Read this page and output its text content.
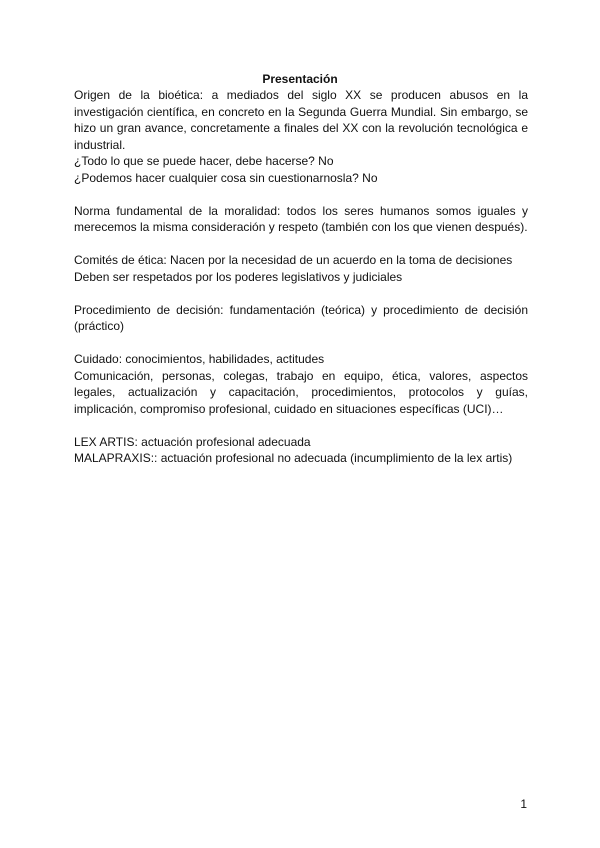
Presentación

Origen de la bioética: a mediados del siglo XX se producen abusos en la investigación científica, en concreto en la Segunda Guerra Mundial. Sin embargo, se hizo un gran avance, concretamente a finales del XX con la revolución tecnológica e industrial.

¿Todo lo que se puede hacer, debe hacerse? No

¿Podemos hacer cualquier cosa sin cuestionarnosla? No

Norma fundamental de la moralidad: todos los seres humanos somos iguales y merecemos la misma consideración y respeto (también con los que vienen después).

Comités de ética: Nacen por la necesidad de un acuerdo en la toma de decisiones

Deben ser respetados por los poderes legislativos y judiciales

Procedimiento de decisión: fundamentación (teórica) y procedimiento de decisión (práctico)

Cuidado: conocimientos, habilidades, actitudes

Comunicación, personas, colegas, trabajo en equipo, ética, valores, aspectos legales, actualización y capacitación, procedimientos, protocolos y guías, implicación, compromiso profesional, cuidado en situaciones específicas (UCI)…

LEX ARTIS: actuación profesional adecuada

MALAPRAXIS:: actuación profesional no adecuada (incumplimiento de la lex artis)

1
